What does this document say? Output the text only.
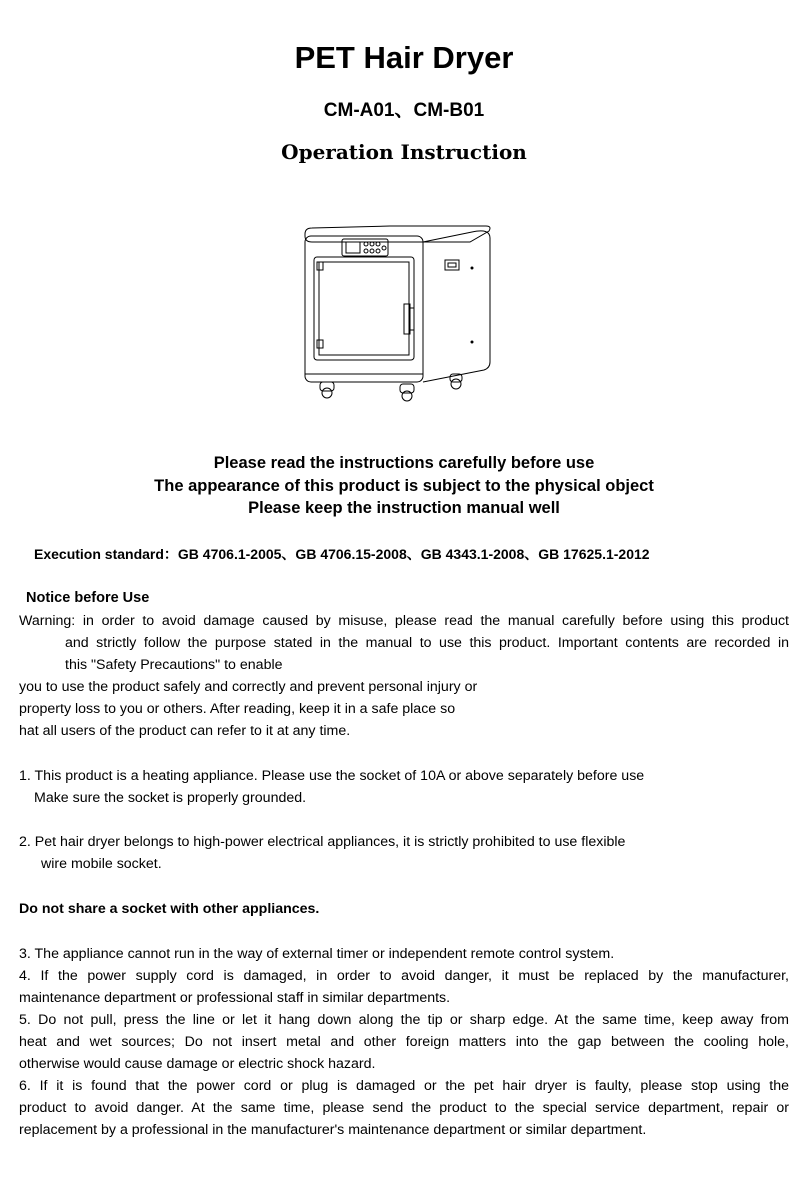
PET Hair Dryer
CM-A01、CM-B01
Operation Instruction
Please read the instructions carefully before use
The appearance of this product is subject to the physical object
Please keep the instruction manual well
Execution standard：GB 4706.1-2005、GB 4706.15-2008、GB 4343.1-2008、GB 17625.1-2012
Notice before Use
Warning: in order to avoid damage caused by misuse, please read the manual carefully before using this product
and strictly follow the purpose stated in the manual to use this product. Important contents are recorded in
this "Safety Precautions" to enable
you to use the product safely and correctly and prevent personal injury or
property loss to you or others. After reading, keep it in a safe place so
hat all users of the product can refer to it at any time.
1. This product is a heating appliance. Please use the socket of 10A or above separately before use
Make sure the socket is properly grounded.
2. Pet hair dryer belongs to high-power electrical appliances, it is strictly prohibited to use flexible
wire mobile socket.
Do not share a socket with other appliances.
3. The appliance cannot run in the way of external timer or independent remote control system.
4. If the power supply cord is damaged, in order to avoid danger, it must be replaced by the manufacturer,
maintenance department or professional staff in similar departments.
5. Do not pull, press the line or let it hang down along the tip or sharp edge. At the same time, keep away from
heat and wet sources; Do not insert metal and other foreign matters into the gap between the cooling hole,
otherwise would cause damage or electric shock hazard.
6. If it is found that the power cord or plug is damaged or the pet hair dryer is faulty, please stop using the
product to avoid danger. At the same time, please send the product to the special service department, repair or
replacement by a professional in the manufacturer's maintenance department or similar department.
